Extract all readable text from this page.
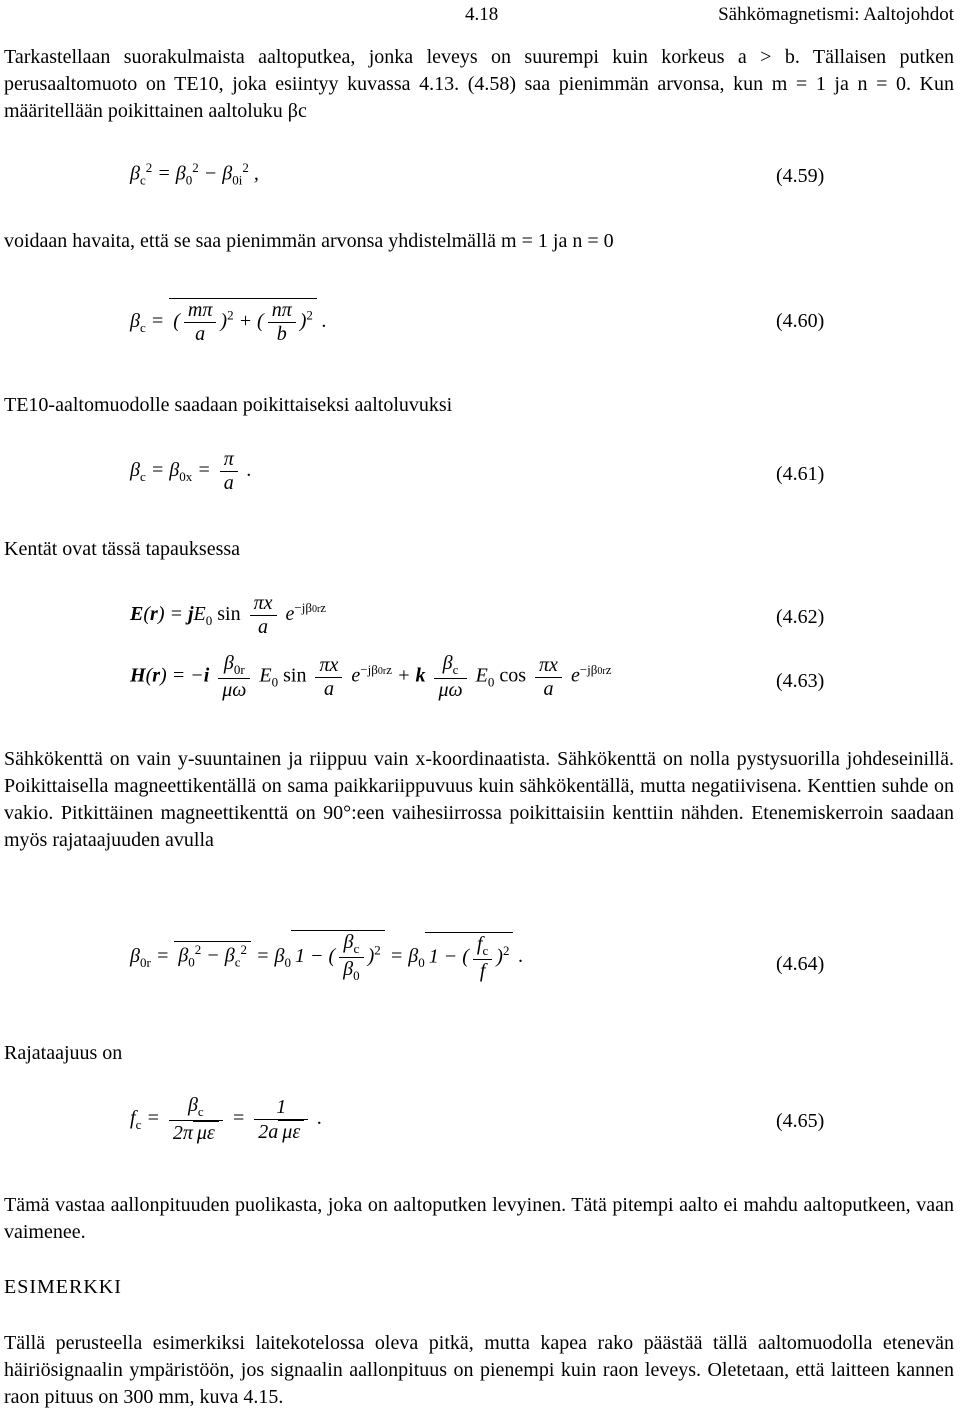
4.18	Sähkömagnetismi: Aaltojohdot
Tarkastellaan suorakulmaista aaltoputkea, jonka leveys on suurempi kuin korkeus a > b. Tällaisen putken perusaaltomuoto on TE10, joka esiintyy kuvassa 4.13. (4.58) saa pienimmän arvonsa, kun m = 1 ja n = 0. Kun määritellään poikittainen aaltoluku βc
$\beta_c^2 = \beta_0^2 - \beta_{0i}^2$ ,	(4.59)
voidaan havaita, että se saa pienimmän arvonsa yhdistelmällä m = 1 ja n = 0
$\beta_c$ = ( $\frac{m\pi}{a} )^2$ + ( $\frac{n\pi}{b} )^2$ .	(4.60)
TE10-aaltomuodolle saadaan poikittaiseksi aaltoluvuksi
$\beta_c = \beta_{0x} = \frac{\pi}{a}$ .	(4.61)
Kentät ovat tässä tapauksessa
$E(r) = jE_0$ $\sin \frac{\pi x}{a} e^{-j\beta 0rz}$	(4.62)
$H(r) = -i \frac{\beta_{0r}}{\mu\omega} E_0$ $\sin \frac{\pi x}{a} e^{-j\beta 0rz} + k \frac{\beta_c}{\mu\omega} E_0$ $\cos \frac{\pi x}{a} e^{-j\beta 0rz}$
(4.63)
Sähkökenttä on vain y-suuntainen ja riippuu vain x-koordinaatista. Sähkökenttä on nolla pystysuorilla johdeseinillä. Poikittaisella magneettikentällä on sama paikkariippuvuus kuin sähkökentällä, mutta negatiivisena. Kenttien suhde on vakio. Pitkittäinen magneettikenttä on 90°:een vaihesiirrossa poikittaisiin kenttiin nähden. Etenemiskerroin saadaan myös rajataajuuden avulla
$\beta_{0r} = \beta_0^2 - \beta_c^2 = \beta_0$ 1 − ( $\frac{\beta_c}{\beta_0} )^2 = \beta_0$ 1 − ( $\frac{f_c}{f} )^2$ .	(4.64)
Rajataajuus on
$f_c = \frac{\beta_c}{\text{2π με}} = \frac{1}{\text{2a με}}$ .	(4.65)
Tämä vastaa aallonpituuden puolikasta, joka on aaltoputken levyinen. Tätä pitempi aalto ei mahdu aaltoputkeen, vaan vaimenee.
ESIMERKKI
Tällä perusteella esimerkiksi laitekotelossa oleva pitkä, mutta kapea rako päästää tällä aaltomuodolla etenevän häiriösignaalin ympäristöön, jos signaalin aallonpituus on pienempi kuin raon leveys. Oletetaan, että laitteen kannen raon pituus on 300 mm, kuva 4.15.
